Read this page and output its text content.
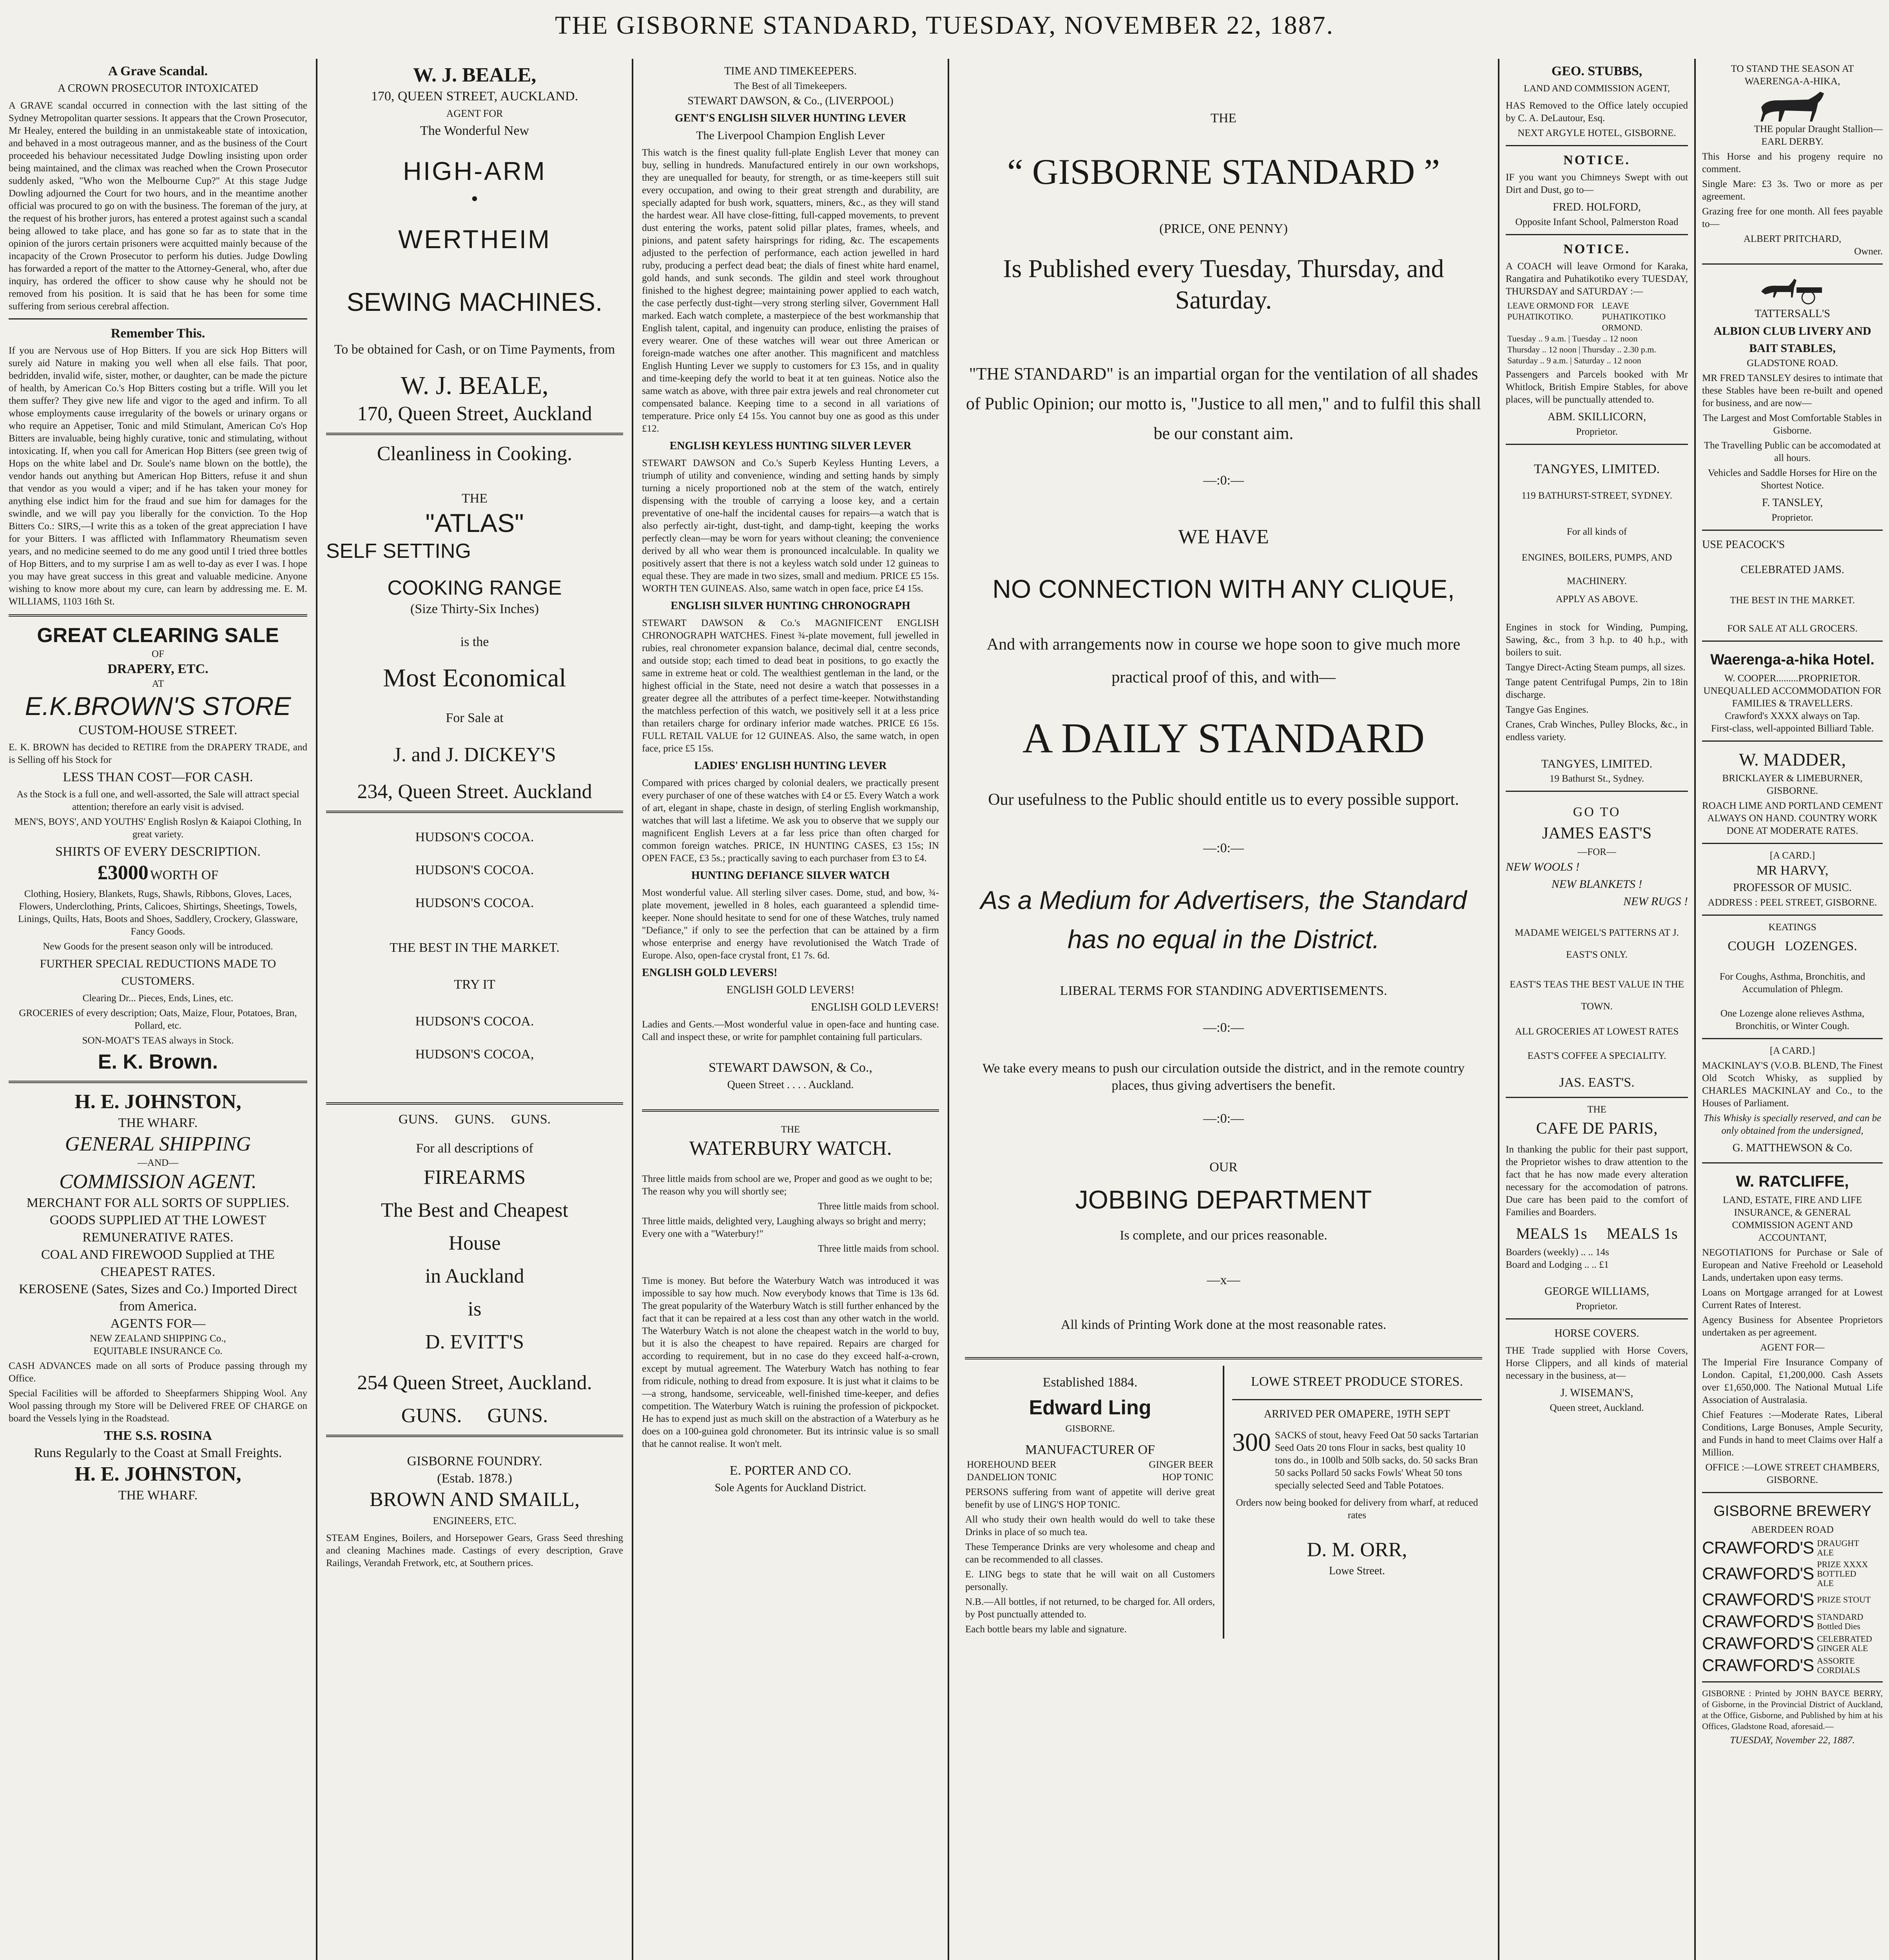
THE GISBORNE STANDARD, TUESDAY, NOVEMBER 22, 1887.
A Grave Scandal.
A CROWN PROSECUTOR INTOXICATED

A GRAVE scandal occurred in connection with the last sitting of the Sydney Metropolitan quarter sessions. It appears that the Crown Prosecutor, Mr Healey, entered the building in an unmistakeable state of intoxication, and behaved in a most outrageous manner, and as the business of the Court proceeded his behaviour necessitated Judge Dowling insisting upon order being maintained, and the climax was reached when the Crown Prosecutor suddenly asked, "Who won the Melbourne Cup?" At this stage Judge Dowling adjourned the Court for two hours, and in the meantime another official was procured to go on with the business. The foreman of the jury, at the request of his brother jurors, has entered a protest against such a scandal being allowed to take place, and has gone so far as to state that in the opinion of the jurors certain prisoners were acquitted mainly because of the incapacity of the Crown Prosecutor to perform his duties. Judge Dowling has forwarded a report of the matter to the Attorney-General, who, after due inquiry, has ordered the officer to show cause why he should not be removed from his position. It is said that he has been for some time suffering from serious cerebral affection.

Remember This.

If you are Nervous use of Hop Bitters. If you are sick Hop Bitters will surely aid Nature in making you well when all else fails. That poor, bedridden, invalid wife, sister, mother, or daughter, can be made the picture of health, by American Co.'s Hop Bitters costing but a trifle. Will you let them suffer? They give new life and vigor to the aged and infirm. To all whose employments cause irregularity of the bowels or urinary organs or who require an Appetiser, Tonic and mild Stimulant, American Co's Hop Bitters are invaluable, being highly curative, tonic and stimulating, without intoxicating. If, when you call for American Hop Bitters (see green twig of Hops on the white label and Dr. Soule's name blown on the bottle), the vendor hands out anything but American Hop Bitters, refuse it and shun that vendor as you would a viper; and if he has taken your money for anything else indict him for the fraud and sue him for damages for the swindle, and we will pay you liberally for the conviction. To the Hop Bitters Co.: SIRS,—I write this as a token of the great appreciation I have for your Bitters. I was afflicted with Inflammatory Rheumatism seven years, and no medicine seemed to do me any good until I tried three bottles of Hop Bitters, and to my surprise I am as well to-day as ever I was. I hope you may have great success in this great and valuable medicine. Anyone wishing to know more about my cure, can learn by addressing me. E. M. WILLIAMS, 1103 16th St.

GREAT CLEARING SALE
OF
DRAPERY, ETC.
AT
E.K.BROWN'S STORE
CUSTOM-HOUSE STREET.

E. K. BROWN has decided to RETIRE from the DRAPERY TRADE, and is Selling off his Stock for

LESS THAN COST—FOR CASH.

As the Stock is a full one, and well-assorted, the Sale will attract special attention; therefore an early visit is advised.

MEN'S, BOYS', AND YOUTHS' English Roslyn & Kaiapoi Clothing, In great variety.

SHIRTS OF EVERY DESCRIPTION.
£3000 WORTH OF

Clothing, Hosiery, Blankets, Rugs, Shawls, Ribbons, Gloves, Laces, Flowers, Underclothing, Prints, Calicoes, Shirtings, Sheetings, Towels, Linings, Quilts, Hats, Boots and Shoes, Saddlery, Crockery, Glassware, Fancy Goods.

New Goods for the present season only will be introduced.

FURTHER SPECIAL REDUCTIONS MADE TO CUSTOMERS.

Clearing Dr... Pieces, Ends, Lines, etc.

GROCERIES of every description; Oats, Maize, Flour, Potatoes, Bran, Pollard, etc.

SON-MOAT'S TEAS always in Stock.

E. K. Brown.
H. E. JOHNSTON,
THE WHARF.
GENERAL SHIPPING
—AND—
COMMISSION AGENT.
MERCHANT FOR ALL SORTS OF SUPPLIES.
GOODS SUPPLIED AT THE LOWEST REMUNERATIVE RATES.
COAL AND FIREWOOD Supplied at THE CHEAPEST RATES.
KEROSENE (Sates, Sizes and Co.) Imported Direct from America.
AGENTS FOR—
NEW ZEALAND SHIPPING Co.,
EQUITABLE INSURANCE Co.

CASH ADVANCES made on all sorts of Produce passing through my Office.

Special Facilities will be afforded to Sheepfarmers Shipping Wool. Any Wool passing through my Store will be Delivered FREE OF CHARGE on board the Vessels lying in the Roadstead.

THE S.S. ROSINA
Runs Regularly to the Coast at Small Freights.
H. E. JOHNSTON,
THE WHARF.
W. J. BEALE,
170, QUEEN STREET, AUCKLAND.
AGENT FOR
The Wonderful New
HIGH-ARM
•
WERTHEIM
SEWING MACHINES.

To be obtained for Cash, or on Time Payments, from

W. J. BEALE,
170, Queen Street, Auckland
Cleanliness in Cooking.
THE
"ATLAS"
SELF SETTING
COOKING RANGE
(Size Thirty-Six Inches)
is the
Most Economical
For Sale at
J. and J. DICKEY'S
234, Queen Street. Auckland
HUDSON'S COCOA.
HUDSON'S COCOA.
HUDSON'S COCOA.
THE BEST IN THE MARKET.
TRY IT
HUDSON'S COCOA.
HUDSON'S COCOA,
GUNS.     GUNS.     GUNS.
For all descriptions of
FIREARMS
The Best and Cheapest
House
in Auckland
is
D. EVITT'S
254 Queen Street, Auckland.
GUNS.     GUNS.
GISBORNE FOUNDRY.
(Estab. 1878.)
BROWN AND SMAILL,
ENGINEERS, ETC.

STEAM Engines, Boilers, and Horsepower Gears, Grass Seed threshing and cleaning Machines made. Castings of every description, Grave Railings, Verandah Fretwork, etc, at Southern prices.

TIME AND TIMEKEEPERS.
The Best of all Timekeepers.
STEWART DAWSON, & Co., (LIVERPOOL)
GENT'S ENGLISH SILVER HUNTING LEVER
The Liverpool Champion English Lever

This watch is the finest quality full-plate English Lever that money can buy, selling in hundreds. Manufactured entirely in our own workshops, they are unequalled for beauty, for strength, or as time-keepers still suit every occupation, and owing to their great strength and durability, are specially adapted for bush work, squatters, miners, &c., as they will stand the hardest wear. All have close-fitting, full-capped movements, to prevent dust entering the works, patent solid pillar plates, frames, wheels, and pinions, and patent safety hairsprings for riding, &c. The escapements adjusted to the perfection of performance, each action jewelled in hard ruby, producing a perfect dead beat; the dials of finest white hard enamel, gold hands, and sunk seconds. The gildin and steel work throughout finished to the highest degree; maintaining power applied to each watch, the case perfectly dust-tight—very strong sterling silver, Government Hall marked. Each watch complete, a masterpiece of the best workmanship that English talent, capital, and ingenuity can produce, enlisting the praises of every wearer. One of these watches will wear out three American or foreign-made watches one after another. This magnificent and matchless English Hunting Lever we supply to customers for £3 15s, and in quality and time-keeping defy the world to beat it at ten guineas. Notice also the same watch as above, with three pair extra jewels and real chronometer cut compensated balance. Keeping time to a second in all variations of temperature. Price only £4 15s. You cannot buy one as good as this under £12.

ENGLISH KEYLESS HUNTING SILVER LEVER

STEWART DAWSON and Co.'s Superb Keyless Hunting Levers, a triumph of utility and convenience, winding and setting hands by simply turning a nicely proportioned nob at the stem of the watch, entirely dispensing with the trouble of carrying a loose key, and a certain preventative of one-half the incidental causes for repairs—a watch that is also perfectly air-tight, dust-tight, and damp-tight, keeping the works perfectly clean—may be worn for years without cleaning; the convenience derived by all who wear them is pronounced incalculable. In quality we positively assert that there is not a keyless watch sold under 12 guineas to equal these. They are made in two sizes, small and medium. PRICE £5 15s. WORTH TEN GUINEAS. Also, same watch in open face, price £4 15s.

ENGLISH SILVER HUNTING CHRONOGRAPH

STEWART DAWSON & Co.'s MAGNIFICENT ENGLISH CHRONOGRAPH WATCHES. Finest ¾-plate movement, full jewelled in rubies, real chronometer expansion balance, decimal dial, centre seconds, and outside stop; each timed to dead beat in positions, to go exactly the same in extreme heat or cold. The wealthiest gentleman in the land, or the highest official in the State, need not desire a watch that possesses in a greater degree all the attributes of a perfect time-keeper. Notwithstanding the matchless perfection of this watch, we positively sell it at a less price than retailers charge for ordinary inferior made watches. PRICE £6 15s. FULL RETAIL VALUE for 12 GUINEAS. Also, the same watch, in open face, price £5 15s.

LADIES' ENGLISH HUNTING LEVER

Compared with prices charged by colonial dealers, we practically present every purchaser of one of these watches with £4 or £5. Every Watch a work of art, elegant in shape, chaste in design, of sterling English workmanship, watches that will last a lifetime. We ask you to observe that we supply our magnificent English Levers at a far less price than often charged for common foreign watches. PRICE, IN HUNTING CASES, £3 15s; IN OPEN FACE, £3 5s.; practically saving to each purchaser from £3 to £4.

HUNTING DEFIANCE SILVER WATCH

Most wonderful value. All sterling silver cases. Dome, stud, and bow, ¾-plate movement, jewelled in 8 holes, each guaranteed a splendid time-keeper. None should hesitate to send for one of these Watches, truly named "Defiance," if only to see the perfection that can be attained by a firm whose enterprise and energy have revolutionised the Watch Trade of Europe. Also, open-face crystal front, £1 7s. 6d.

ENGLISH GOLD LEVERS!
ENGLISH GOLD LEVERS!
ENGLISH GOLD LEVERS!

Ladies and Gents.—Most wonderful value in open-face and hunting case. Call and inspect these, or write for pamphlet containing full particulars.

STEWART DAWSON, & Co.,
Queen Street . . . . Auckland.
THE
WATERBURY WATCH.

Three little maids from school are we, Proper and good as we ought to be; The reason why you will shortly see;

Three little maids from school.

Three little maids, delighted very, Laughing always so bright and merry; Every one with a "Waterbury!"

Three little maids from school.

Time is money. But before the Waterbury Watch was introduced it was impossible to say how much. Now everybody knows that Time is 13s 6d. The great popularity of the Waterbury Watch is still further enhanced by the fact that it can be repaired at a less cost than any other watch in the world. The Waterbury Watch is not alone the cheapest watch in the world to buy, but it is also the cheapest to have repaired. Repairs are charged for according to requirement, but in no case do they exceed half-a-crown, except by mutual agreement. The Waterbury Watch has nothing to fear from ridicule, nothing to dread from exposure. It is just what it claims to be—a strong, handsome, serviceable, well-finished time-keeper, and defies competition. The Waterbury Watch is ruining the profession of pickpocket. He has to expend just as much skill on the abstraction of a Waterbury as he does on a 100-guinea gold chronometer. But its intrinsic value is so small that he cannot realise. It won't melt.

E. PORTER AND CO.
Sole Agents for Auckland District.
THE
“ GISBORNE STANDARD ”
(PRICE, ONE PENNY)
Is Published every Tuesday, Thursday, and Saturday.

"THE STANDARD" is an impartial organ for the ventilation of all shades of Public Opinion; our motto is, "Justice to all men," and to fulfil this shall be our constant aim.

—:0:—
WE HAVE
NO CONNECTION WITH ANY CLIQUE,

And with arrangements now in course we hope soon to give much more practical proof of this, and with—

A DAILY STANDARD

Our usefulness to the Public should entitle us to every possible support.

—:0:—

As a Medium for Advertisers, the Standard has no equal in the District.

LIBERAL TERMS FOR STANDING ADVERTISEMENTS.
—:0:—

We take every means to push our circulation outside the district, and in the remote country places, thus giving advertisers the benefit.

—:0:—
OUR
JOBBING DEPARTMENT
Is complete, and our prices reasonable.
—x—
All kinds of Printing Work done at the most reasonable rates.
Established 1884.
Edward Ling
GISBORNE.
MANUFACTURER OF
HOREHOUND BEER	GINGER BEER
DANDELION TONIC	HOP TONIC

PERSONS suffering from want of appetite will derive great benefit by use of LING'S HOP TONIC.

All who study their own health would do well to take these Drinks in place of so much tea.

These Temperance Drinks are very wholesome and cheap and can be recommended to all classes.

E. LING begs to state that he will wait on all Customers personally.

N.B.—All bottles, if not returned, to be charged for. All orders, by Post punctually attended to.

Each bottle bears my lable and signature.

LOWE STREET PRODUCE STORES.
ARRIVED PER OMAPERE, 19TH SEPT
300 SACKS of stout, heavy Feed Oat 50 sacks Tartarian Seed Oats 20 tons Flour in sacks, best quality 10 tons do., in 100lb and 50lb sacks, do. 50 sacks Bran 50 sacks Pollard 50 sacks Fowls' Wheat 50 tons specially selected Seed and Table Potatoes.

Orders now being booked for delivery from wharf, at reduced rates

D. M. ORR,
Lowe Street.
GEO. STUBBS,
LAND AND COMMISSION AGENT,

HAS Removed to the Office lately occupied by C. A. DeLautour, Esq.

NEXT ARGYLE HOTEL, GISBORNE.
NOTICE.

IF you want you Chimneys Swept with out Dirt and Dust, go to—

FRED. HOLFORD,
Opposite Infant School, Palmerston Road
NOTICE.

A COACH will leave Ormond for Karaka, Rangatira and Puhatikotiko every TUESDAY, THURSDAY and SATURDAY :—

LEAVE ORMOND FOR PUHATIKOTIKO.	LEAVE PUHATIKOTIKO ORMOND.
Tuesday .. 9 a.m. | Tuesday .. 12 noon
Thursday .. 12 noon | Thursday .. 2.30 p.m.
Saturday .. 9 a.m. | Saturday .. 12 noon

Passengers and Parcels booked with Mr Whitlock, British Empire Stables, for above places, will be punctually attended to.

ABM. SKILLICORN,
Proprietor.
TANGYES, LIMITED.
119 BATHURST-STREET, SYDNEY.
For all kinds of
ENGINES, BOILERS, PUMPS, AND MACHINERY.
APPLY AS ABOVE.

Engines in stock for Winding, Pumping, Sawing, &c., from 3 h.p. to 40 h.p., with boilers to suit.

Tangye Direct-Acting Steam pumps, all sizes.

Tange patent Centrifugal Pumps, 2in to 18in discharge.

Tangye Gas Engines.

Cranes, Crab Winches, Pulley Blocks, &c., in endless variety.

TANGYES, LIMITED.
19 Bathurst St., Sydney.
GO TO
JAMES EAST'S
—FOR—
NEW WOOLS !
NEW BLANKETS !
NEW RUGS !
MADAME WEIGEL'S PATTERNS AT J. EAST'S ONLY.
EAST'S TEAS THE BEST VALUE IN THE TOWN.
ALL GROCERIES AT LOWEST RATES
EAST'S COFFEE A SPECIALITY.
JAS. EAST'S.
THE
CAFE DE PARIS,

In thanking the public for their past support, the Proprietor wishes to draw attention to the fact that he has now made every alteration necessary for the accomodation of patrons. Due care has been paid to the comfort of Families and Boarders.

MEALS 1s     MEALS 1s
Boarders (weekly) .. .. 14s
Board and Lodging .. .. £1
GEORGE WILLIAMS,
Proprietor.
HORSE COVERS.

THE Trade supplied with Horse Covers, Horse Clippers, and all kinds of material necessary in the business, at—

J. WISEMAN'S,
Queen street, Auckland.
TO STAND THE SEASON AT WAERENGA-A-HIKA,
THE popular Draught Stallion—
EARL DERBY.

This Horse and his progeny require no comment.

Single Mare: £3 3s. Two or more as per agreement.

Grazing free for one month. All fees payable to—

ALBERT PRITCHARD,
Owner.
TATTERSALL'S
ALBION CLUB LIVERY AND BAIT STABLES,
GLADSTONE ROAD.

MR FRED TANSLEY desires to intimate that these Stables have been re-built and opened for business, and are now—

The Largest and Most Comfortable Stables in Gisborne.

The Travelling Public can be accomodated at all hours.

Vehicles and Saddle Horses for Hire on the Shortest Notice.

F. TANSLEY,
Proprietor.
USE PEACOCK'S
CELEBRATED JAMS.
THE BEST IN THE MARKET.
FOR SALE AT ALL GROCERS.
Waerenga-a-hika Hotel.
W. COOPER.........PROPRIETOR.
UNEQUALLED ACCOMMODATION FOR FAMILIES & TRAVELLERS.
Crawford's XXXX always on Tap.
First-class, well-appointed Billiard Table.
W. MADDER,
BRICKLAYER & LIMEBURNER, GISBORNE.

ROACH LIME AND PORTLAND CEMENT ALWAYS ON HAND. COUNTRY WORK DONE AT MODERATE RATES.

[A CARD.]
MR HARVY,
PROFESSOR OF MUSIC.
ADDRESS : PEEL STREET, GISBORNE.
KEATINGS
COUGH   LOZENGES.

For Coughs, Asthma, Bronchitis, and Accumulation of Phlegm.

One Lozenge alone relieves Asthma, Bronchitis, or Winter Cough.

[A CARD.]

MACKINLAY'S (V.O.B. BLEND, The Finest Old Scotch Whisky, as supplied by CHARLES MACKINLAY and Co., to the Houses of Parliament.

This Whisky is specially reserved, and can be only obtained from the undersigned,

G. MATTHEWSON & Co.
W. RATCLIFFE,
LAND, ESTATE, FIRE AND LIFE INSURANCE, & GENERAL COMMISSION AGENT AND ACCOUNTANT,

NEGOTIATIONS for Purchase or Sale of European and Native Freehold or Leasehold Lands, undertaken upon easy terms.

Loans on Mortgage arranged for at Lowest Current Rates of Interest.

Agency Business for Absentee Proprietors undertaken as per agreement.

AGENT FOR—

The Imperial Fire Insurance Company of London. Capital, £1,200,000. Cash Assets over £1,650,000. The National Mutual Life Association of Australasia.

Chief Features :—Moderate Rates, Liberal Conditions, Large Bonuses, Ample Security, and Funds in hand to meet Claims over Half a Million.

OFFICE :—LOWE STREET CHAMBERS, GISBORNE.
GISBORNE BREWERY
ABERDEEN ROAD
CRAWFORD'S DRAUGHT ALE
CRAWFORD'S PRIZE XXXX BOTTLED ALE
CRAWFORD'S PRIZE STOUT
CRAWFORD'S STANDARD Bottled Dies
CRAWFORD'S CELEBRATED GINGER ALE
CRAWFORD'S ASSORTE CORDIALS

GISBORNE : Printed by JOHN BAYCE BERRY, of Gisborne, in the Provincial District of Auckland, at the Office, Gisborne, and Published by him at his Offices, Gladstone Road, aforesaid.—

TUESDAY, November 22, 1887.
